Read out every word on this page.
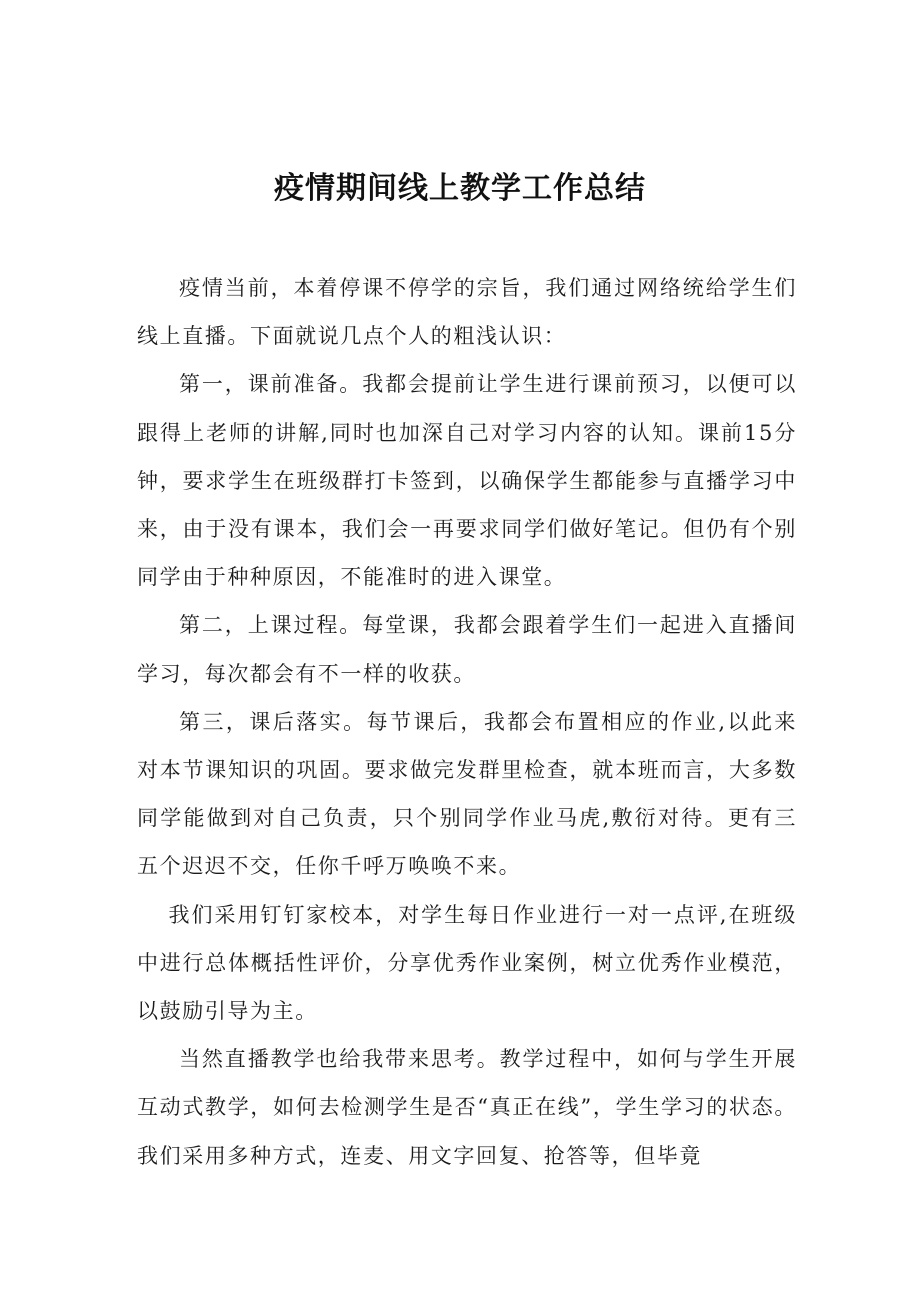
疫情期间线上教学工作总结

疫情当前，本着停课不停学的宗旨，我们通过网络统给学生们线上直播。下面就说几点个人的粗浅认识：

第一，课前准备。我都会提前让学生进行课前预习，以便可以跟得上老师的讲解,同时也加深自己对学习内容的认知。课前15分钟，要求学生在班级群打卡签到，以确保学生都能参与直播学习中来，由于没有课本，我们会一再要求同学们做好笔记。但仍有个别同学由于种种原因，不能准时的进入课堂。

第二，上课过程。每堂课，我都会跟着学生们一起进入直播间学习，每次都会有不一样的收获。

第三，课后落实。每节课后，我都会布置相应的作业,以此来对本节课知识的巩固。要求做完发群里检查，就本班而言，大多数同学能做到对自己负责，只个别同学作业马虎,敷衍对待。更有三五个迟迟不交，任你千呼万唤唤不来。

我们采用钉钉家校本，对学生每日作业进行一对一点评,在班级中进行总体概括性评价，分享优秀作业案例，树立优秀作业模范，以鼓励引导为主。

当然直播教学也给我带来思考。教学过程中，如何与学生开展互动式教学，如何去检测学生是否“真正在线”，学生学习的状态。我们采用多种方式，连麦、用文字回复、抢答等，但毕竟
